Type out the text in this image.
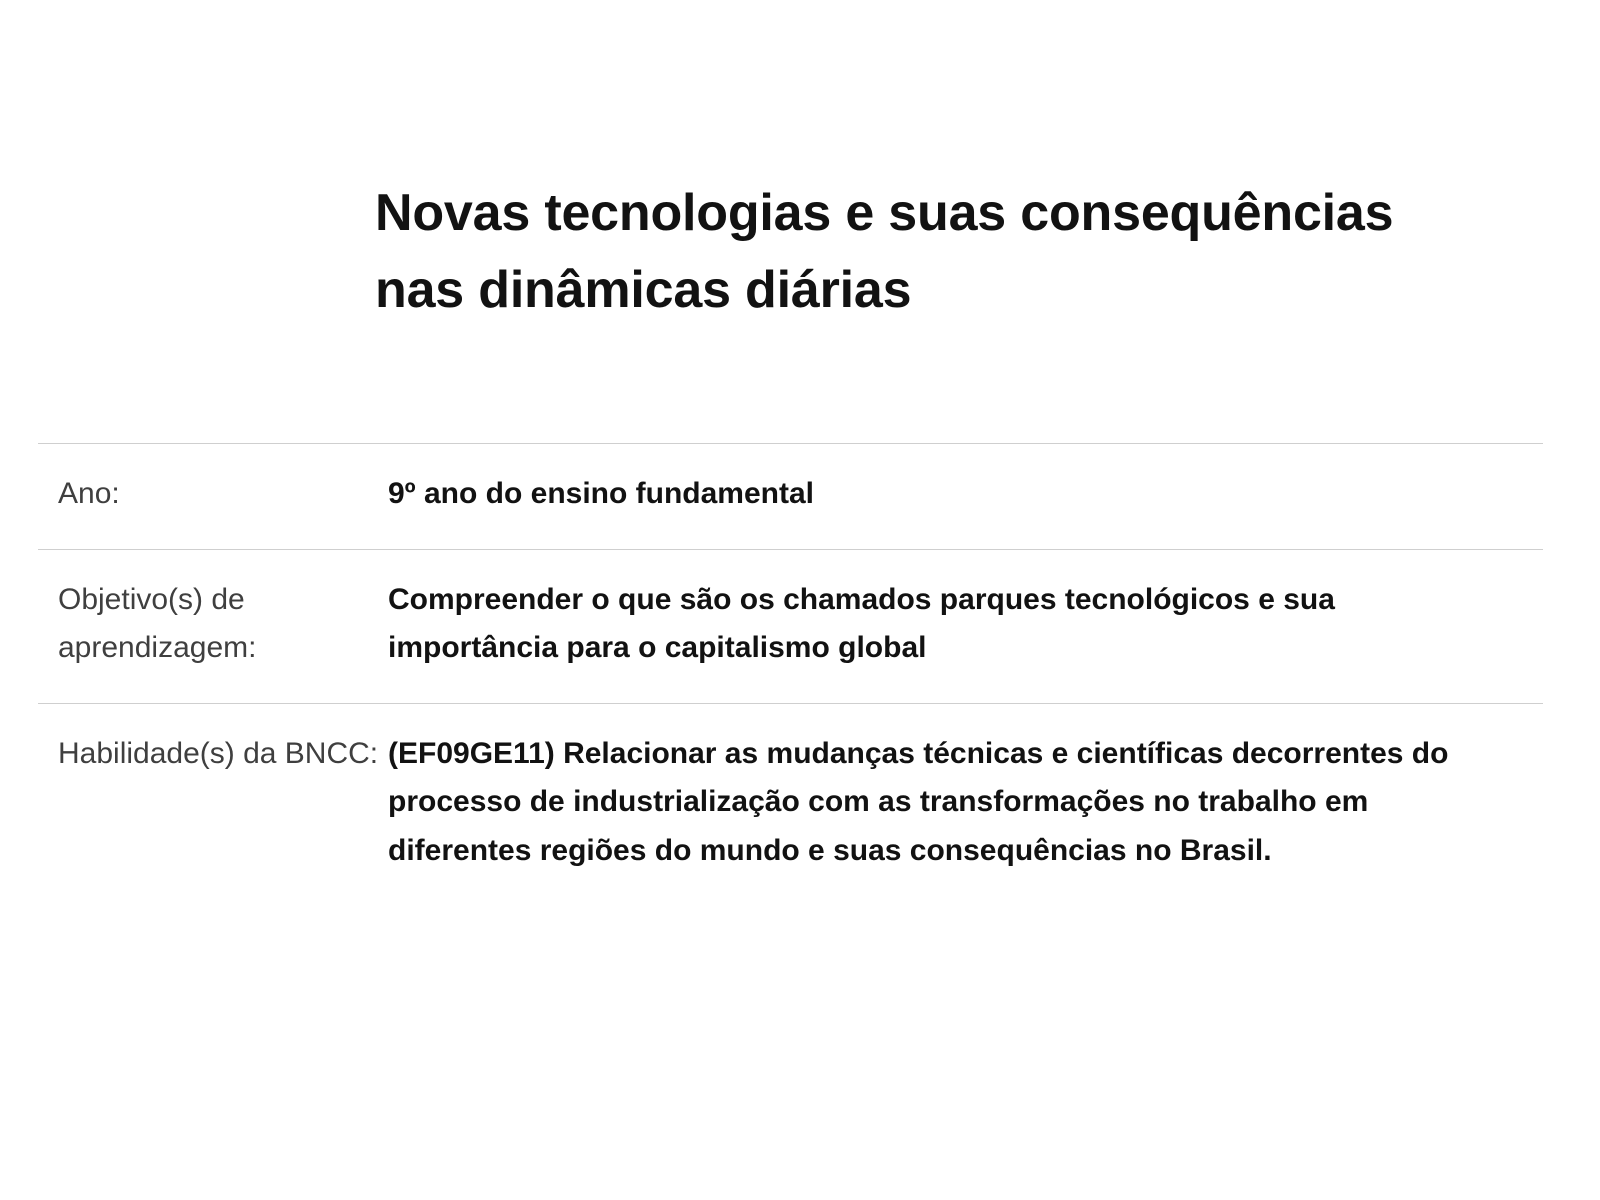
Novas tecnologias e suas consequências nas dinâmicas diárias
Ano:	9º ano do ensino fundamental
Objetivo(s) de aprendizagem:	Compreender o que são os chamados parques tecnológicos e sua importância para o capitalismo global
Habilidade(s) da BNCC:	(EF09GE11) Relacionar as mudanças técnicas e científicas decorrentes do processo de industrialização com as transformações no trabalho em diferentes regiões do mundo e suas consequências no Brasil.
